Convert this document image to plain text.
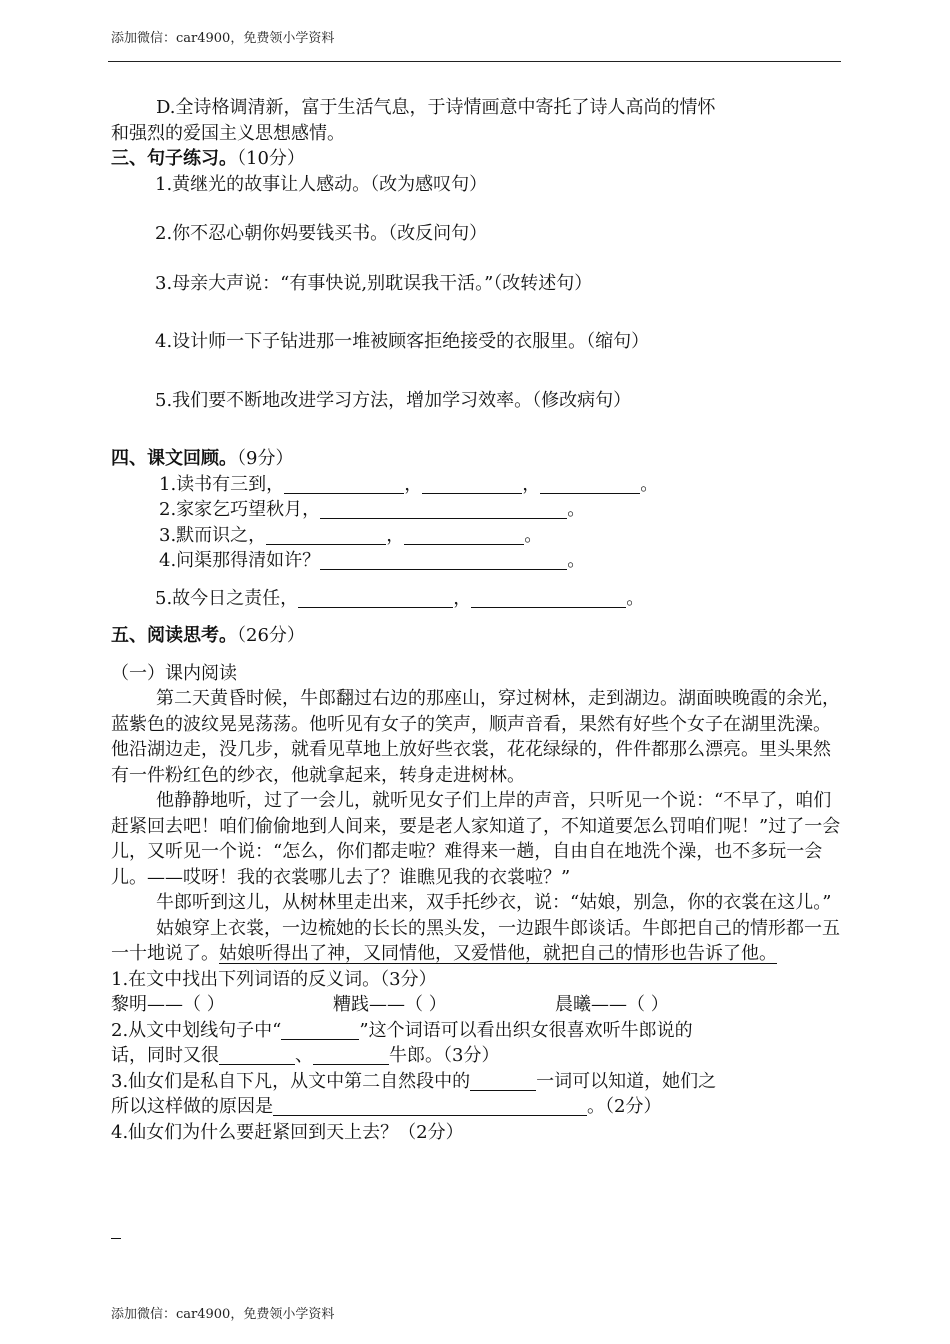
添加微信：car4900，免费领小学资料

D.全诗格调清新，富于生活气息，于诗情画意中寄托了诗人高尚的情怀

和强烈的爱国主义思想感情。

三、句子练习。（10分）

1.黄继光的故事让人感动。（改为感叹句）

2.你不忍心朝你妈要钱买书。（改反问句）

3.母亲大声说：“有事快说,别耽误我干活。”（改转述句）

4.设计师一下子钻进那一堆被顾客拒绝接受的衣服里。（缩句）

5.我们要不断地改进学习方法，增加学习效率。（修改病句）

四、课文回顾。（9分）

1.读书有三到，	，	，	。

2.家家乞巧望秋月，	。

3.默而识之，	，	。

4.问渠那得清如许？	。

5.故今日之责任，	，	。

五、阅读思考。（26分）

（一）课内阅读

第二天黄昏时候，牛郎翻过右边的那座山，穿过树林，走到湖边。湖面映晚霞的余光，蓝紫色的波纹晃晃荡荡。他听见有女子的笑声，顺声音看，果然有好些个女子在湖里洗澡。他沿湖边走，没几步，就看见草地上放好些衣裳，花花绿绿的，件件都那么漂亮。里头果然有一件粉红色的纱衣，他就拿起来，转身走进树林。

他静静地听，过了一会儿，就听见女子们上岸的声音，只听见一个说：“不早了，咱们赶紧回去吧！咱们偷偷地到人间来，要是老人家知道了，不知道要怎么罚咱们呢！”过了一会儿，又听见一个说：“怎么，你们都走啦？难得来一趟，自由自在地洗个澡，也不多玩一会儿。——哎呀！我的衣裳哪儿去了？谁瞧见我的衣裳啦？”

牛郎听到这儿，从树林里走出来，双手托纱衣，说：“姑娘，别急，你的衣裳在这儿。”

姑娘穿上衣裳，一边梳她的长长的黑头发，一边跟牛郎谈话。牛郎把自己的情形都一五一十地说了。姑娘听得出了神，又同情他，又爱惜他，就把自己的情形也告诉了他。

1.在文中找出下列词语的反义词。（3分）

黎明——（ ）	糟践——（ ）	晨曦——（ ）

2.从文中划线句子中“	”这个词语可以看出织女很喜欢听牛郎说的
话，同时又很	、	牛郎。（3分）

3.仙女们是私自下凡，从文中第二自然段中的	一词可以知道，她们之
所以这样做的原因是	。（2分）

4.仙女们为什么要赶紧回到天上去？（2分）

添加微信：car4900，免费领小学资料
